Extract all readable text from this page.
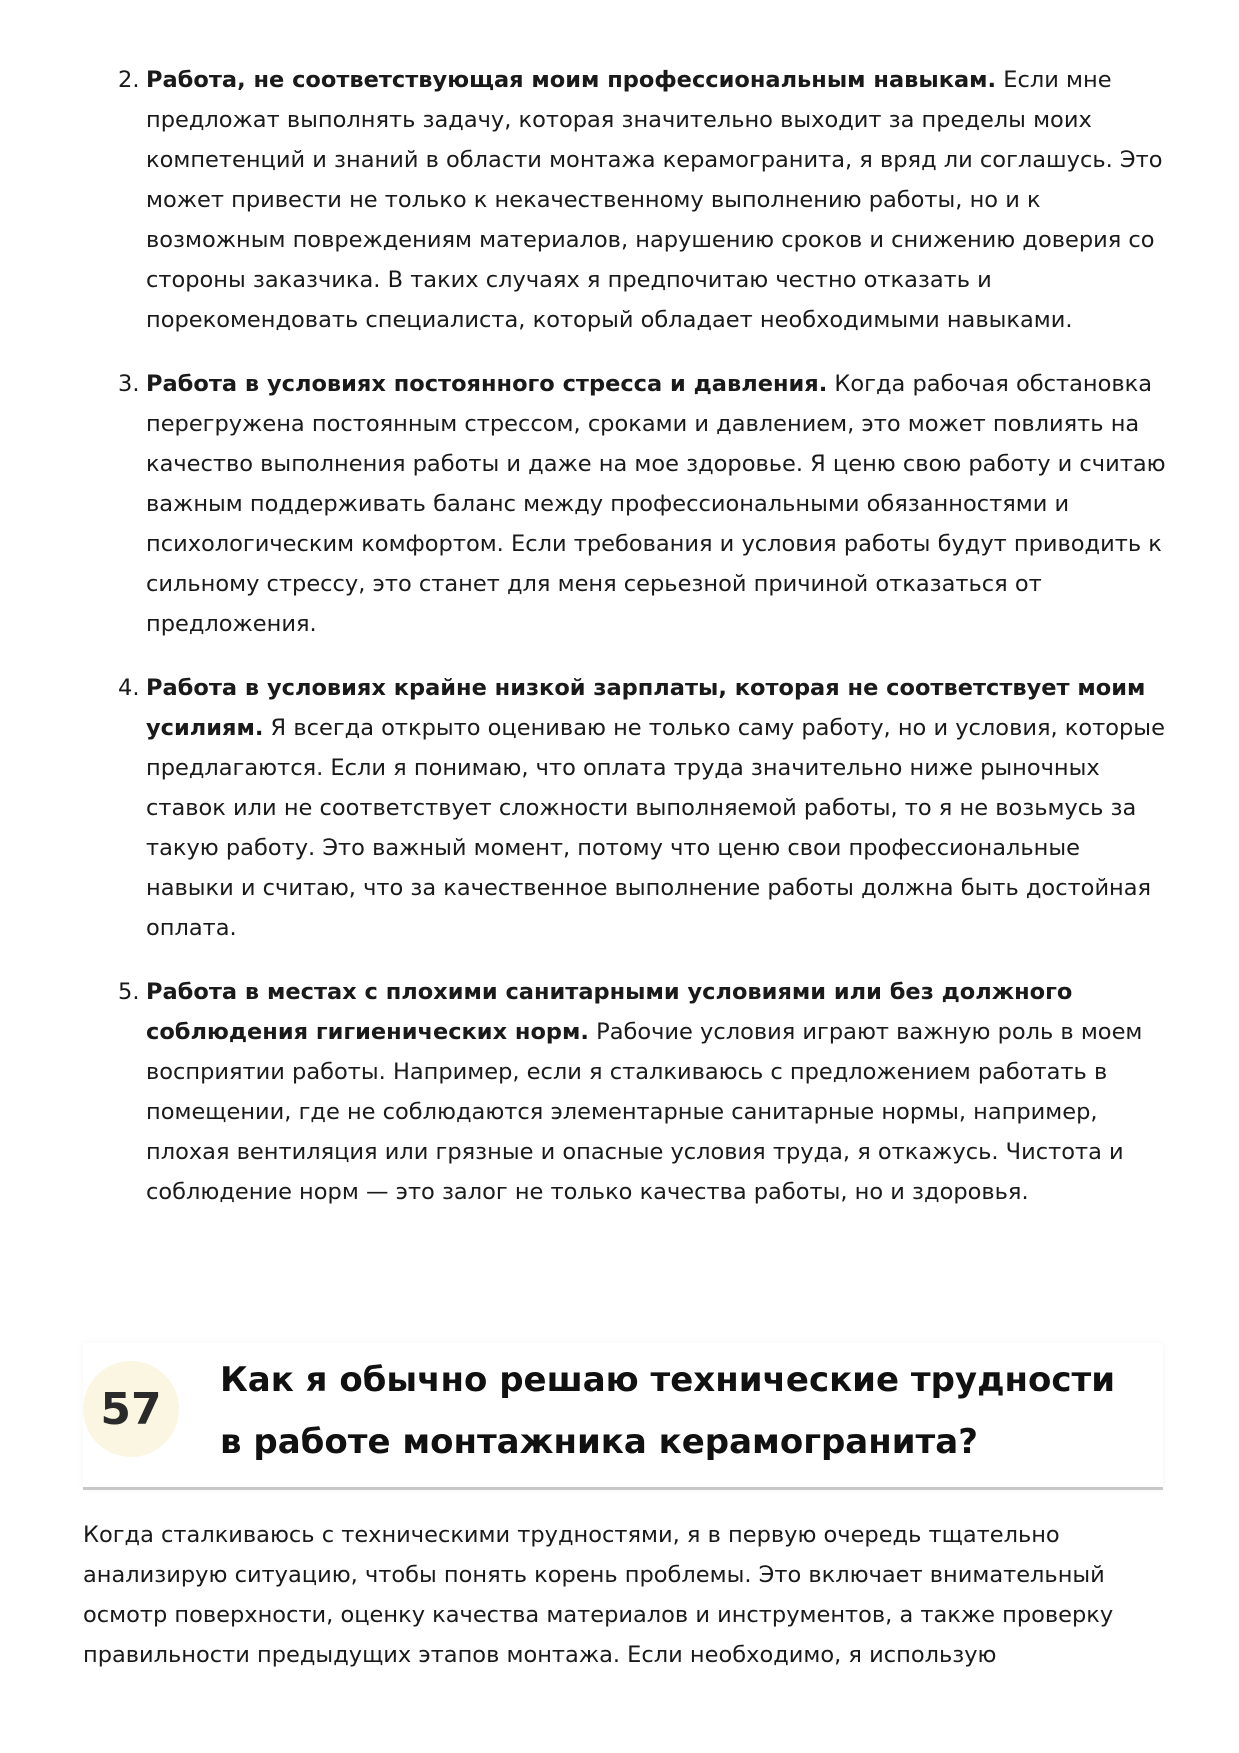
2. Работа, не соответствующая моим профессиональным навыкам. Если мне предложат выполнять задачу, которая значительно выходит за пределы моих компетенций и знаний в области монтажа керамогранита, я вряд ли соглашусь. Это может привести не только к некачественному выполнению работы, но и к возможным повреждениям материалов, нарушению сроков и снижению доверия со стороны заказчика. В таких случаях я предпочитаю честно отказать и порекомендовать специалиста, который обладает необходимыми навыками.
3. Работа в условиях постоянного стресса и давления. Когда рабочая обстановка перегружена постоянным стрессом, сроками и давлением, это может повлиять на качество выполнения работы и даже на мое здоровье. Я ценю свою работу и считаю важным поддерживать баланс между профессиональными обязанностями и психологическим комфортом. Если требования и условия работы будут приводить к сильному стрессу, это станет для меня серьезной причиной отказаться от предложения.
4. Работа в условиях крайне низкой зарплаты, которая не соответствует моим усилиям. Я всегда открыто оцениваю не только саму работу, но и условия, которые предлагаются. Если я понимаю, что оплата труда значительно ниже рыночных ставок или не соответствует сложности выполняемой работы, то я не возьмусь за такую работу. Это важный момент, потому что ценю свои профессиональные навыки и считаю, что за качественное выполнение работы должна быть достойная оплата.
5. Работа в местах с плохими санитарными условиями или без должного соблюдения гигиенических норм. Рабочие условия играют важную роль в моем восприятии работы. Например, если я сталкиваюсь с предложением работать в помещении, где не соблюдаются элементарные санитарные нормы, например, плохая вентиляция или грязные и опасные условия труда, я откажусь. Чистота и соблюдение норм — это залог не только качества работы, но и здоровья.
57
Как я обычно решаю технические трудности в работе монтажника керамогранита?

Когда сталкиваюсь с техническими трудностями, я в первую очередь тщательно анализирую ситуацию, чтобы понять корень проблемы. Это включает внимательный осмотр поверхности, оценку качества материалов и инструментов, а также проверку правильности предыдущих этапов монтажа. Если необходимо, я использую
